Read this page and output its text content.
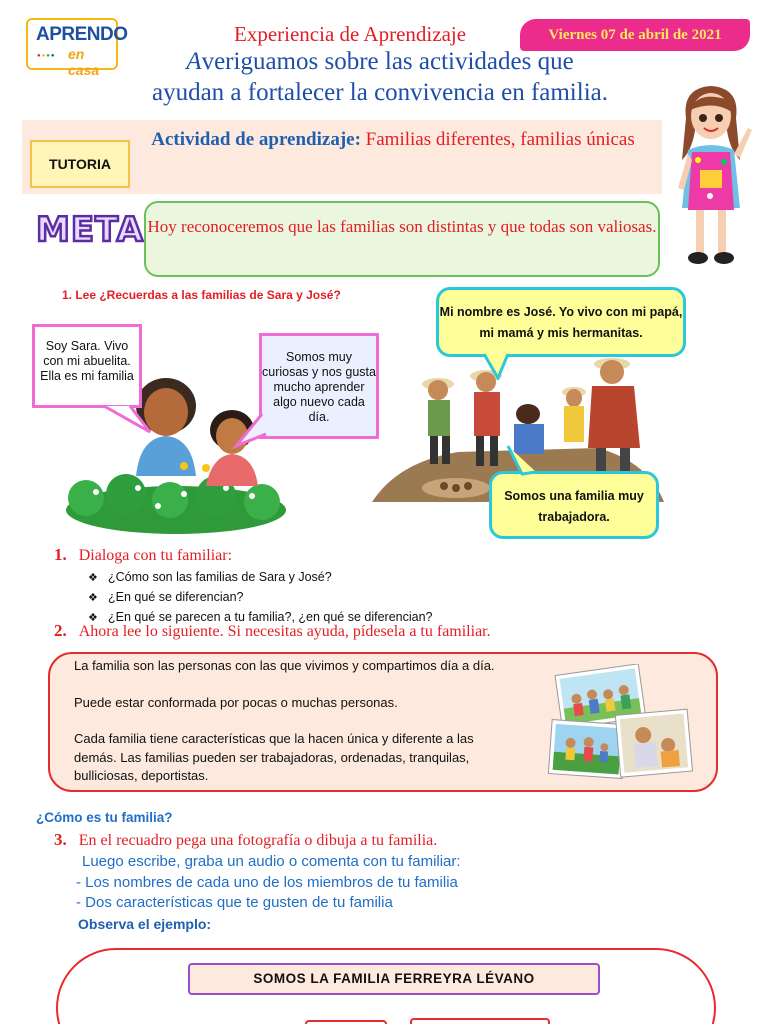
APRENDO
●●●● en casa
Experiencia de Aprendizaje	Viernes 07 de abril de 2021
Averiguamos sobre las actividades que
ayudan a fortalecer la convivencia en familia.
Actividad de aprendizaje: Familias diferentes, familias únicas
TUTORIA
META Hoy reconoceremos que las familias son distintas y que todas son valiosas.
1. Lee ¿Recuerdas a las familias de Sara y José?
Soy Sara. Vivo con mi abuelita. Ella es mi familia
Somos muy curiosas y nos gusta mucho aprender algo nuevo cada día.
Mi nombre es José. Yo vivo con mi papá, mi mamá y mis hermanitas.
Somos una familia muy trabajadora.
1. Dialoga con tu familiar:
❖ ¿Cómo son las familias de Sara y José?
❖ ¿En qué se diferencian?
❖ ¿En qué se parecen a tu familia?, ¿en qué se diferencian?
2. Ahora lee lo siguiente. Si necesitas ayuda, pídesela a tu familiar.

La familia son las personas con las que vivimos y compartimos día a día.

Puede estar conformada por pocas o muchas personas.

Cada familia tiene características que la hacen única y diferente a las demás. Las familias pueden ser trabajadoras, ordenadas, tranquilas, bulliciosas, deportistas.

¿Cómo es tu familia?
3. En el recuadro pega una fotografía o dibuja a tu familia.
Luego escribe, graba un audio o comenta con tu familiar:
- Los nombres de cada uno de los miembros de tu familia
- Dos características que te gusten de tu familia
Observa el ejemplo:
SOMOS LA FAMILIA FERREYRA LÉVANO
